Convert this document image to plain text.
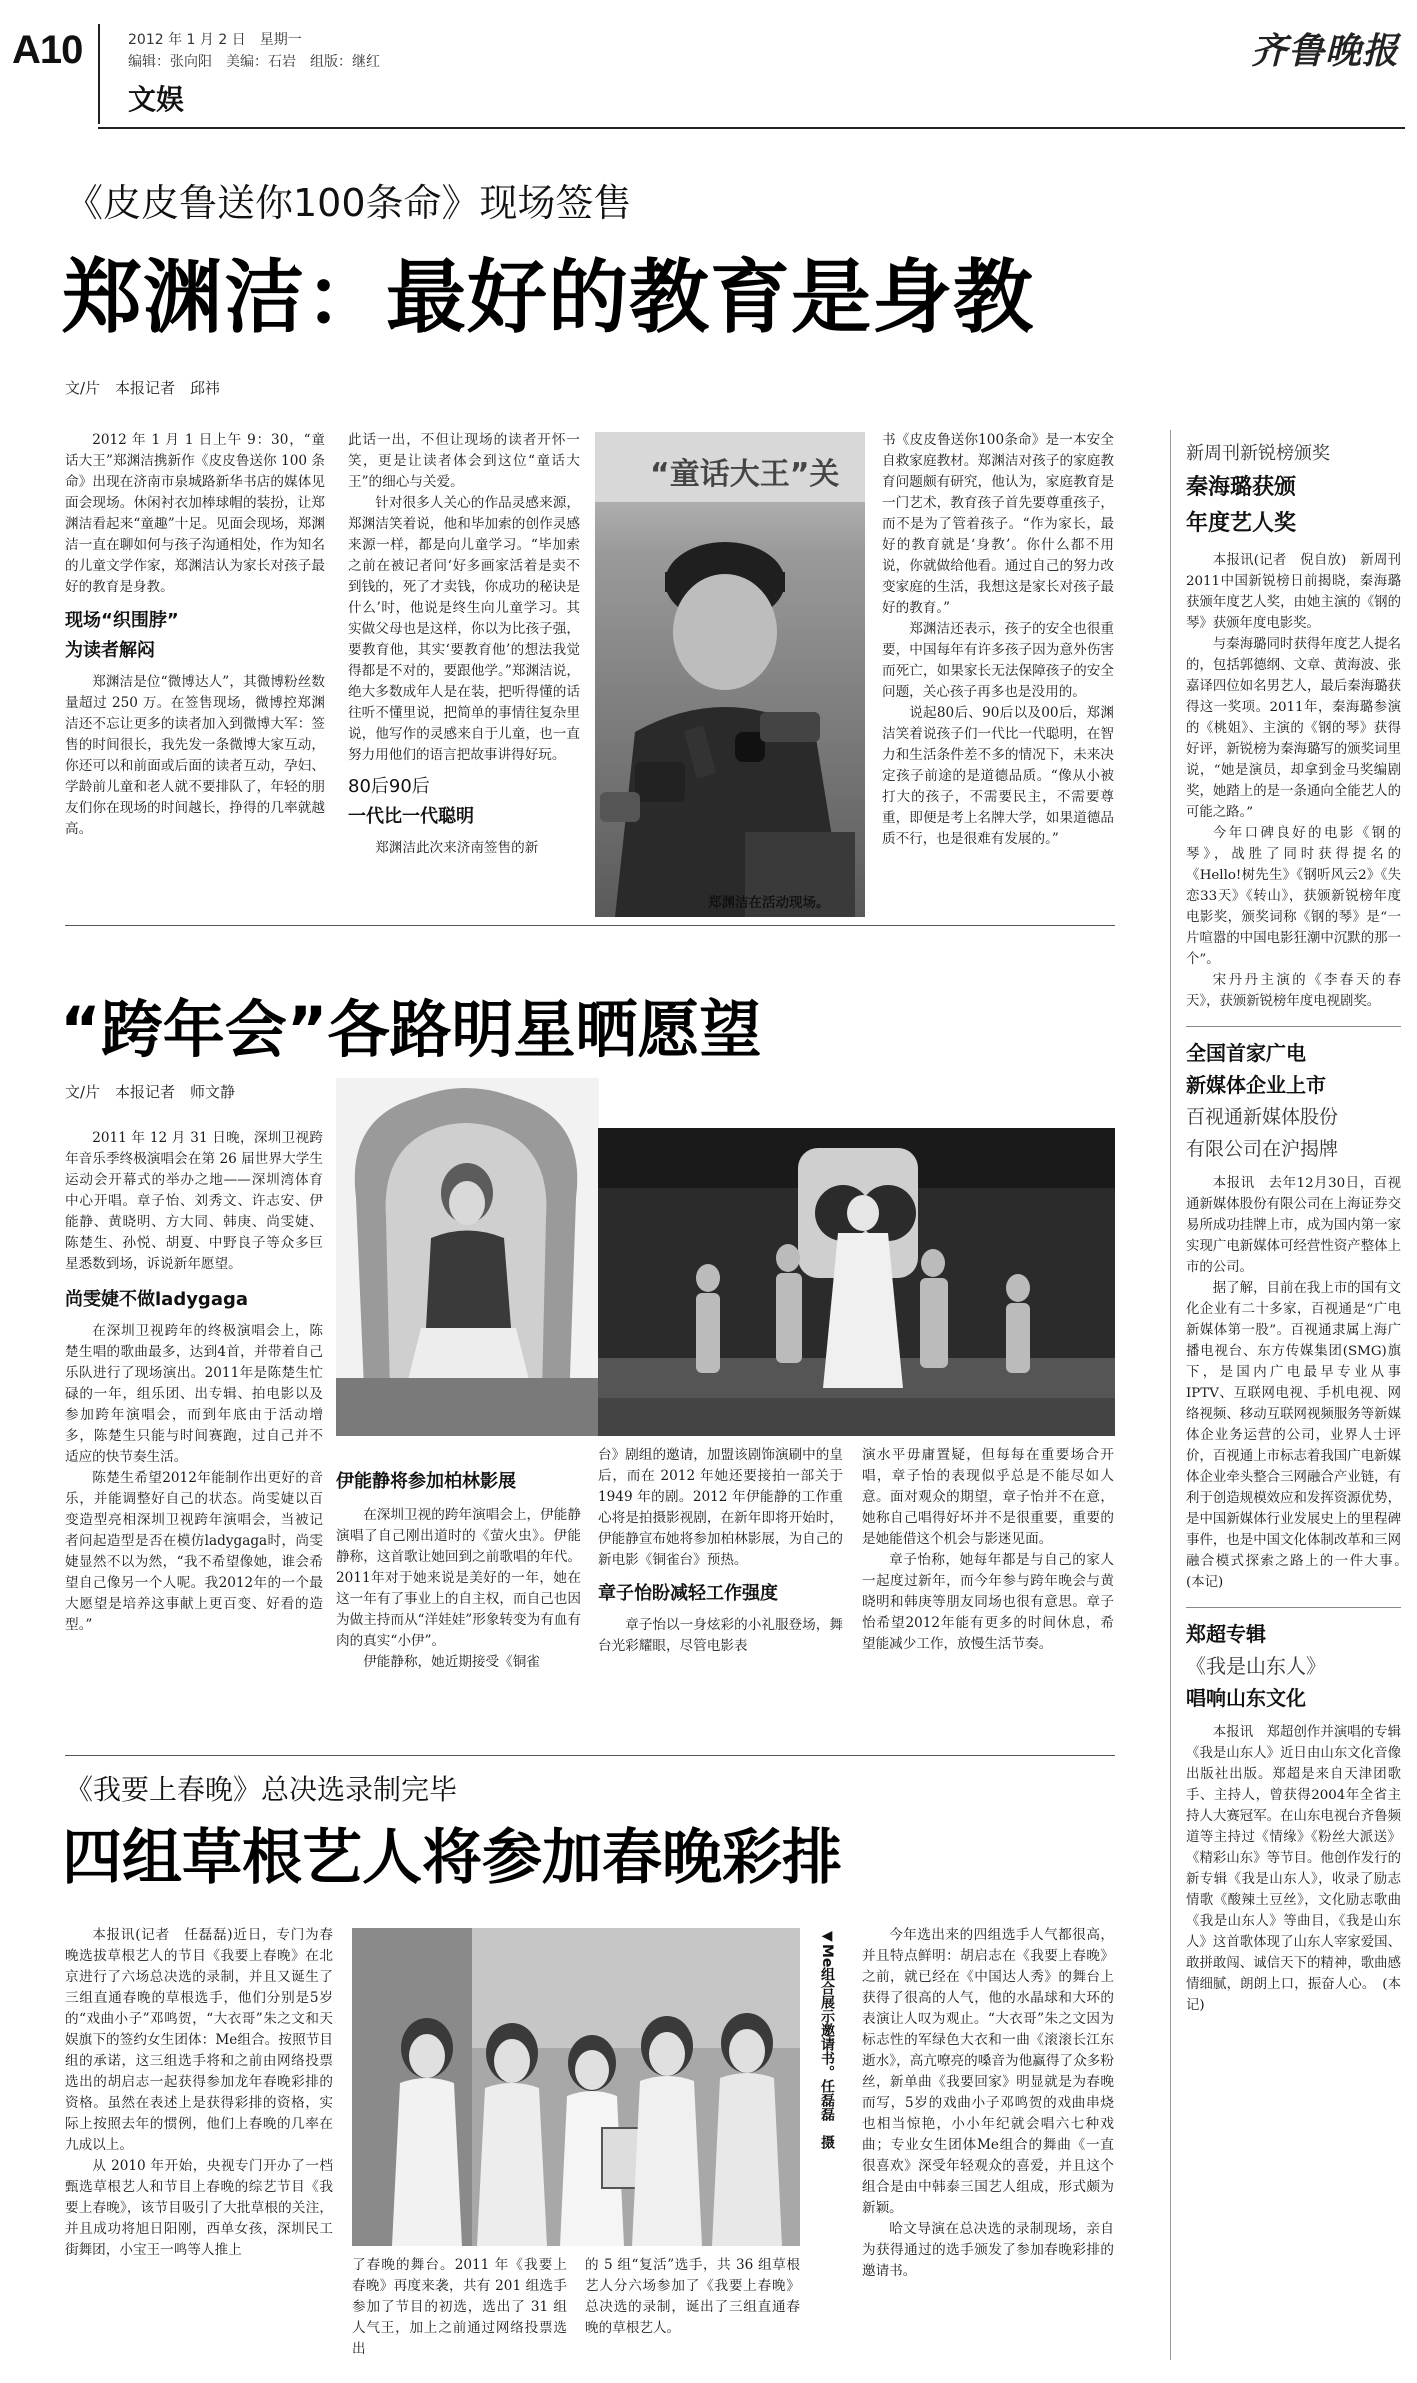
A10	2012 年 1 月 2 日　星期一
编辑：张向阳　美编：石岩　组版：继红
文娱
齐鲁晚报
《皮皮鲁送你100条命》现场签售
郑渊洁：最好的教育是身教
文/片　本报记者　邱祎

2012 年 1 月 1 日上午 9：30，“童话大王”郑渊洁携新作《皮皮鲁送你 100 条命》出现在济南市泉城路新华书店的媒体见面会现场。休闲衬衣加棒球帽的装扮，让郑渊洁看起来“童趣”十足。见面会现场，郑渊洁一直在聊如何与孩子沟通相处，作为知名的儿童文学作家，郑渊洁认为家长对孩子最好的教育是身教。

现场“织围脖”
为读者解闷

郑渊洁是位“微博达人”，其微博粉丝数量超过 250 万。在签售现场，微博控郑渊洁还不忘让更多的读者加入到微博大军：签售的时间很长，我先发一条微博大家互动，你还可以和前面或后面的读者互动，孕妇、学龄前儿童和老人就不要排队了，年轻的朋友们你在现场的时间越长，挣得的几率就越高。

此话一出，不但让现场的读者开怀一笑，更是让读者体会到这位“童话大王”的细心与关爱。

针对很多人关心的作品灵感来源，郑渊洁笑着说，他和毕加索的创作灵感来源一样，都是向儿童学习。“毕加索之前在被记者问‘好多画家活着是卖不到钱的，死了才卖钱，你成功的秘诀是什么’时，他说是终生向儿童学习。其实做父母也是这样，你以为比孩子强，要教育他，其实‘要教育他’的想法我觉得都是不对的，要跟他学。”郑渊洁说，绝大多数成年人是在装，把听得懂的话往听不懂里说，把简单的事情往复杂里说，他写作的灵感来自于儿童，也一直努力用他们的语言把故事讲得好玩。

80后90后
一代比一代聪明

郑渊洁此次来济南签售的新

“童话大王”关
郑渊洁在活动现场。

书《皮皮鲁送你100条命》是一本安全自救家庭教材。郑渊洁对孩子的家庭教育问题颇有研究，他认为，家庭教育是一门艺术，教育孩子首先要尊重孩子，而不是为了管着孩子。“作为家长，最好的教育就是‘身教’。你什么都不用说，你就做给他看。通过自己的努力改变家庭的生活，我想这是家长对孩子最好的教育。”

郑渊洁还表示，孩子的安全也很重要，中国每年有许多孩子因为意外伤害而死亡，如果家长无法保障孩子的安全问题，关心孩子再多也是没用的。

说起80后、90后以及00后，郑渊洁笑着说孩子们一代比一代聪明，在智力和生活条件差不多的情况下，未来决定孩子前途的是道德品质。“像从小被打大的孩子，不需要民主，不需要尊重，即便是考上名牌大学，如果道德品质不行，也是很难有发展的。”

“跨年会”各路明星晒愿望
文/片　本报记者　师文静

2011 年 12 月 31 日晚，深圳卫视跨年音乐季终极演唱会在第 26 届世界大学生运动会开幕式的举办之地——深圳湾体育中心开唱。章子怡、刘秀文、许志安、伊能静、黄晓明、方大同、韩庚、尚雯婕、陈楚生、孙悦、胡夏、中野良子等众多巨星悉数到场，诉说新年愿望。

尚雯婕不做ladygaga

在深圳卫视跨年的终极演唱会上，陈楚生唱的歌曲最多，达到4首，并带着自己乐队进行了现场演出。2011年是陈楚生忙碌的一年，组乐团、出专辑、拍电影以及参加跨年演唱会，而到年底由于活动增多，陈楚生只能与时间赛跑，过自己并不适应的快节奏生活。

陈楚生希望2012年能制作出更好的音乐，并能调整好自己的状态。尚雯婕以百变造型亮相深圳卫视跨年演唱会，当被记者问起造型是否在模仿ladygaga时，尚雯婕显然不以为然，“我不希望像她，谁会希望自己像另一个人呢。我2012年的一个最大愿望是培养这事献上更百变、好看的造型。”

伊能静将参加柏林影展

在深圳卫视的跨年演唱会上，伊能静演唱了自己刚出道时的《萤火虫》。伊能静称，这首歌让她回到之前歌唱的年代。2011年对于她来说是美好的一年，她在这一年有了事业上的自主权，而自己也因为做主持而从“洋娃娃”形象转变为有血有肉的真实“小伊”。

伊能静称，她近期接受《铜雀

台》剧组的邀请，加盟该剧饰演刷中的皇后，而在 2012 年她还要接拍一部关于 1949 年的剧。2012 年伊能静的工作重心将是拍摄影视剧，在新年即将开始时，伊能静宣布她将参加柏林影展，为自己的新电影《铜雀台》预热。

章子怡盼减轻工作强度

章子怡以一身炫彩的小礼服登场，舞台光彩耀眼，尽管电影表

演水平毋庸置疑，但每每在重要场合开唱，章子怡的表现似乎总是不能尽如人意。面对观众的期望，章子怡并不在意，她称自己唱得好坏并不是很重要，重要的是她能借这个机会与影迷见面。

章子怡称，她每年都是与自己的家人一起度过新年，而今年参与跨年晚会与黄晓明和韩庚等朋友同场也很有意思。章子怡希望2012年能有更多的时间休息，希望能减少工作，放慢生活节奏。

《我要上春晚》总决选录制完毕
四组草根艺人将参加春晚彩排

本报讯(记者　任磊磊)近日，专门为春晚选拔草根艺人的节目《我要上春晚》在北京进行了六场总决选的录制，并且又诞生了三组直通春晚的草根选手，他们分别是5岁的“戏曲小子”邓鸣贺，“大衣哥”朱之文和天娱旗下的签约女生团体：Me组合。按照节目组的承诺，这三组选手将和之前由网络投票选出的胡启志一起获得参加龙年春晚彩排的资格。虽然在表述上是获得彩排的资格，实际上按照去年的惯例，他们上春晚的几率在九成以上。

从 2010 年开始，央视专门开办了一档甄选草根艺人和节目上春晚的综艺节目《我要上春晚》，该节目吸引了大批草根的关注，并且成功将旭日阳刚，西单女孩，深圳民工街舞团，小宝王一鸣等人推上

◀Me组合展示邀请书。任磊磊　摄

了春晚的舞台。2011 年《我要上春晚》再度来袭，共有 201 组选手参加了节目的初选，选出了 31 组人气王，加上之前通过网络投票选出

的 5 组“复活”选手，共 36 组草根艺人分六场参加了《我要上春晚》总决选的录制，诞出了三组直通春晚的草根艺人。

今年选出来的四组选手人气都很高，并且特点鲜明：胡启志在《我要上春晚》之前，就已经在《中国达人秀》的舞台上获得了很高的人气，他的水晶球和大环的表演让人叹为观止。“大衣哥”朱之文因为标志性的军绿色大衣和一曲《滚滚长江东逝水》，高亢嘹亮的嗓音为他赢得了众多粉丝，新单曲《我要回家》明显就是为春晚而写，5岁的戏曲小子邓鸣贺的戏曲串烧也相当惊艳，小小年纪就会唱六七种戏曲；专业女生团体Me组合的舞曲《一直很喜欢》深受年轻观众的喜爱，并且这个组合是由中韩泰三国艺人组成，形式颇为新颖。

哈文导演在总决选的录制现场，亲自为获得通过的选手颁发了参加春晚彩排的邀请书。

新周刊新锐榜颁奖
秦海璐获颁
年度艺人奖

本报讯(记者　倪自放)　新周刊2011中国新锐榜日前揭晓，秦海璐获颁年度艺人奖，由她主演的《钢的琴》获颁年度电影奖。

与秦海璐同时获得年度艺人提名的，包括郭德纲、文章、黄海波、张嘉译四位如名男艺人，最后秦海璐获得这一奖项。2011年，秦海璐参演的《桃姐》、主演的《钢的琴》获得好评，新锐榜为秦海璐写的颁奖词里说，“她是演员，却拿到金马奖编剧奖，她踏上的是一条通向全能艺人的可能之路。”

今年口碑良好的电影《钢的琴》，战胜了同时获得提名的《Hello!树先生》《钢听风云2》《失恋33天》《转山》，获颁新锐榜年度电影奖，颁奖词称《钢的琴》是“一片喧嚣的中国电影狂潮中沉默的那一个”。

宋丹丹主演的《李春天的春天》，获颁新锐榜年度电视剧奖。

全国首家广电
新媒体企业上市
百视通新媒体股份
有限公司在沪揭牌

本报讯　去年12月30日，百视通新媒体股份有限公司在上海证券交易所成功挂牌上市，成为国内第一家实现广电新媒体可经营性资产整体上市的公司。

据了解，目前在我上市的国有文化企业有二十多家，百视通是“广电新媒体第一股”。百视通隶属上海广播电视台、东方传媒集团(SMG)旗下，是国内广电最早专业从事IPTV、互联网电视、手机电视、网络视频、移动互联网视频服务等新媒体企业务运营的公司，业界人士评价，百视通上市标志着我国广电新媒体企业牵头整合三网融合产业链，有利于创造规模效应和发挥资源优势，是中国新媒体行业发展史上的里程碑事件，也是中国文化体制改革和三网融合模式探索之路上的一件大事。　(本记)

郑超专辑
《我是山东人》
唱响山东文化

本报讯　郑超创作并演唱的专辑《我是山东人》近日由山东文化音像出版社出版。郑超是来自天津团歌手、主持人，曾获得2004年全省主持人大赛冠军。在山东电视台齐鲁频道等主持过《情缘》《粉丝大派送》《精彩山东》等节目。他创作发行的新专辑《我是山东人》，收录了励志情歌《酸辣土豆丝》，文化励志歌曲《我是山东人》等曲目，《我是山东人》这首歌体现了山东人宰家爱国、敢拼敢闯、诚信天下的精神，歌曲感情细腻，朗朗上口，振奋人心。　(本记)
